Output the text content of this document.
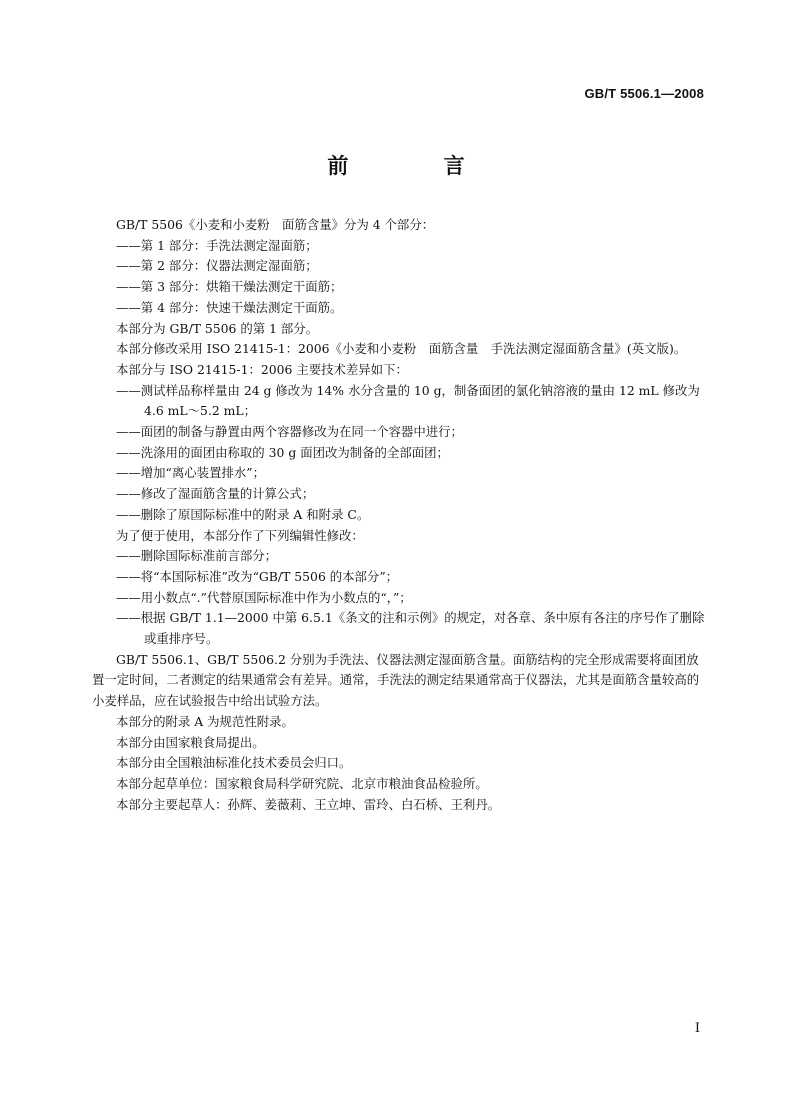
GB/T 5506.1—2008
前 言

GB/T 5506《小麦和小麦粉　面筋含量》分为 4 个部分：

——第 1 部分：手洗法测定湿面筋；

——第 2 部分：仪器法测定湿面筋；

——第 3 部分：烘箱干燥法测定干面筋；

——第 4 部分：快速干燥法测定干面筋。

本部分为 GB/T 5506 的第 1 部分。

本部分修改采用 ISO 21415-1：2006《小麦和小麦粉　面筋含量　手洗法测定湿面筋含量》(英文版)。

本部分与 ISO 21415-1：2006 主要技术差异如下：

——测试样品称样量由 24 g 修改为 14% 水分含量的 10 g，制备面团的氯化钠溶液的量由 12 mL 修改为 4.6 mL～5.2 mL；

——面团的制备与静置由两个容器修改为在同一个容器中进行；

——洗涤用的面团由称取的 30 g 面团改为制备的全部面团；

——增加“离心装置排水”；

——修改了湿面筋含量的计算公式；

——删除了原国际标准中的附录 A 和附录 C。

为了便于使用，本部分作了下列编辑性修改：

——删除国际标准前言部分；

——将“本国际标准”改为“GB/T 5506 的本部分”；

——用小数点“.”代替原国际标准中作为小数点的“，”；

——根据 GB/T 1.1—2000 中第 6.5.1《条文的注和示例》的规定，对各章、条中原有各注的序号作了删除或重排序号。

GB/T 5506.1、GB/T 5506.2 分别为手洗法、仪器法测定湿面筋含量。面筋结构的完全形成需要将面团放置一定时间，二者测定的结果通常会有差异。通常，手洗法的测定结果通常高于仪器法，尤其是面筋含量较高的小麦样品，应在试验报告中给出试验方法。

本部分的附录 A 为规范性附录。

本部分由国家粮食局提出。

本部分由全国粮油标准化技术委员会归口。

本部分起草单位：国家粮食局科学研究院、北京市粮油食品检验所。

本部分主要起草人：孙辉、姜薇莉、王立坤、雷玲、白石桥、王利丹。

I
